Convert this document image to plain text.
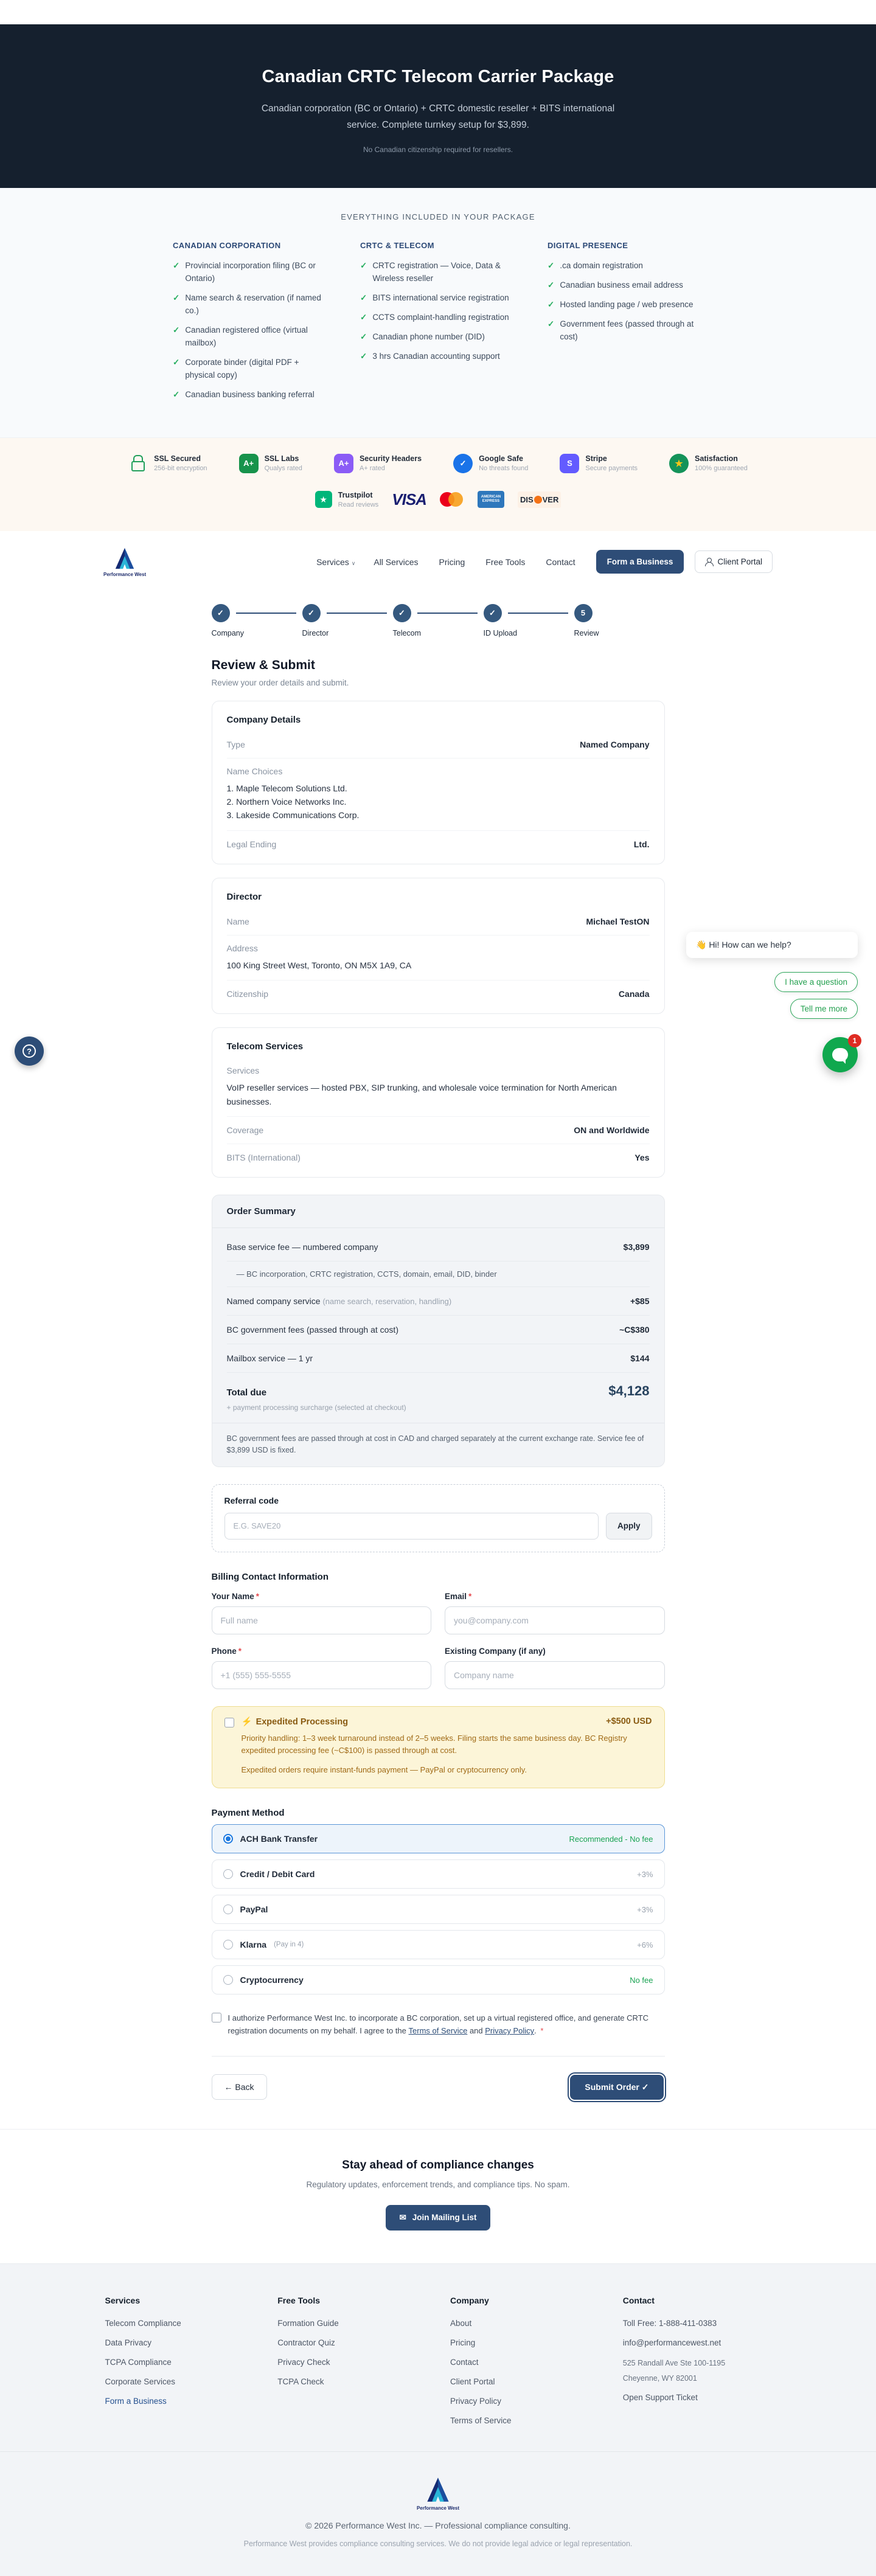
Canadian CRTC Telecom Carrier Package

Canadian corporation (BC or Ontario) + CRTC domestic reseller + BITS international service. Complete turnkey setup for $3,899.

No Canadian citizenship required for resellers.

EVERYTHING INCLUDED IN YOUR PACKAGE
CANADIAN CORPORATION
✓ Provincial incorporation filing (BC or Ontario)
✓ Name search & reservation (if named co.)
✓ Canadian registered office (virtual mailbox)
✓ Corporate binder (digital PDF + physical copy)
✓ Canadian business banking referral
CRTC & TELECOM
✓ CRTC registration — Voice, Data & Wireless reseller
✓ BITS international service registration
✓ CCTS complaint-handling registration
✓ Canadian phone number (DID)
✓ 3 hrs Canadian accounting support
DIGITAL PRESENCE
✓ .ca domain registration
✓ Canadian business email address
✓ Hosted landing page / web presence
✓ Government fees (passed through at cost)
SSL Secured
256-bit encryption
A+	SSL Labs
Qualys rated
A+	Security Headers
A+ rated
✓	Google Safe
No threats found
S	Stripe
Secure payments	★	Satisfaction
100% guaranteed
★	Trustpilot
Read reviews VISA	AMERICAN EXPRESS	DIS VER
Performance West
Services ∨ All Services Pricing Free Tools Contact	Form a Business	Client Portal
✓
Company
✓
Director
✓
Telecom
✓
ID Upload
5
Review
Review & Submit

Review your order details and submit.

Company Details
Type	Named Company
Name Choices
1. Maple Telecom Solutions Ltd.
2. Northern Voice Networks Inc.
3. Lakeside Communications Corp.
Legal Ending	Ltd.
Director
Name	Michael TestON
Address
100 King Street West, Toronto, ON M5X 1A9, CA
Citizenship	Canada
Telecom Services
Services
VoIP reseller services — hosted PBX, SIP trunking, and wholesale voice termination for North American businesses.
Coverage	ON and Worldwide
BITS (International)	Yes
Order Summary
Base service fee — numbered company	$3,899
— BC incorporation, CRTC registration, CCTS, domain, email, DID, binder
Named company service (name search, reservation, handling)	+$85
BC government fees (passed through at cost)	~C$380
Mailbox service — 1 yr	$144
Total due	$4,128
+ payment processing surcharge (selected at checkout)
BC government fees are passed through at cost in CAD and charged separately at the current exchange rate. Service fee of $3,899 USD is fixed.
Referral code
E.G. SAVE20
Apply
Billing Contact Information
Your Name *
Full name	Email *
you@company.com
Phone *
+1 (555) 555-5555	Existing Company (if any)
Company name
⚡ Expedited Processing	+$500 USD
Priority handling: 1–3 week turnaround instead of 2–5 weeks. Filing starts the same business day. BC Registry expedited processing fee (~C$100) is passed through at cost.
Expedited orders require instant-funds payment — PayPal or cryptocurrency only.
Payment Method
ACH Bank Transfer	Recommended - No fee
Credit / Debit Card	+3%
PayPal	+3%
Klarna (Pay in 4)	+6%
Cryptocurrency	No fee
I authorize Performance West Inc. to incorporate a BC corporation, set up a virtual registered office, and generate CRTC registration documents on my behalf. I agree to the Terms of Service and Privacy Policy. *
← Back	Submit Order ✓
Stay ahead of compliance changes

Regulatory updates, enforcement trends, and compliance tips. No spam.

✉ Join Mailing List
Services
Telecom Compliance
Data Privacy
TCPA Compliance
Corporate Services
Form a Business
Free Tools
Formation Guide
Contractor Quiz
Privacy Check
TCPA Check
Company
About
Pricing
Contact
Client Portal
Privacy Policy
Terms of Service
Contact
Toll Free: 1-888-411-0383
info@performancewest.net
525 Randall Ave Ste 100-1195
Cheyenne, WY 82001
Open Support Ticket
Performance West
© 2026 Performance West Inc. — Professional compliance consulting.
Performance West provides compliance consulting services. We do not provide legal advice or legal representation.
?
👋 Hi! How can we help?
I have a question
Tell me more
1
